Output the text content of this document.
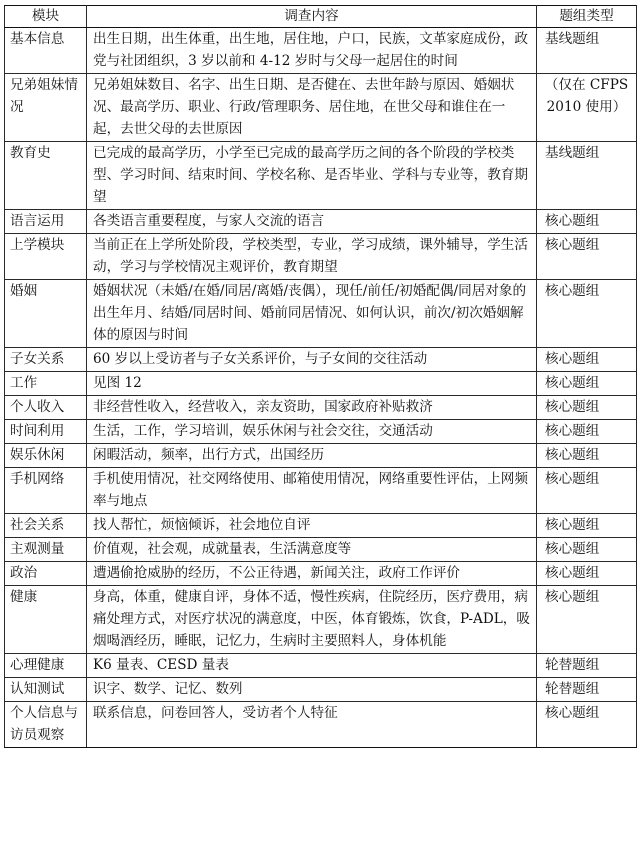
模块	调查内容	题组类型
基本信息	出生日期，出生体重，出生地，居住地，户口，民族，文革家庭成份，政党与社团组织，3 岁以前和 4-12 岁时与父母一起居住的时间	基线题组
兄弟姐妹情况	兄弟姐妹数目、名字、出生日期、是否健在、去世年龄与原因、婚姻状况、最高学历、职业、行政/管理职务、居住地，在世父母和谁住在一起，去世父母的去世原因	（仅在 CFPS 2010 使用）
教育史	已完成的最高学历，小学至已完成的最高学历之间的各个阶段的学校类型、学习时间、结束时间、学校名称、是否毕业、学科与专业等，教育期望	基线题组
语言运用	各类语言重要程度，与家人交流的语言	核心题组
上学模块	当前正在上学所处阶段，学校类型，专业，学习成绩，课外辅导，学生活动，学习与学校情况主观评价，教育期望	核心题组
婚姻	婚姻状况（未婚/在婚/同居/离婚/丧偶），现任/前任/初婚配偶/同居对象的出生年月、结婚/同居时间、婚前同居情况、如何认识，前次/初次婚姻解体的原因与时间	核心题组
子女关系	60 岁以上受访者与子女关系评价，与子女间的交往活动	核心题组
工作	见图 12	核心题组
个人收入	非经营性收入，经营收入，亲友资助，国家政府补贴救济	核心题组
时间利用	生活，工作，学习培训，娱乐休闲与社会交往，交通活动	核心题组
娱乐休闲	闲暇活动，频率，出行方式，出国经历	核心题组
手机网络	手机使用情况，社交网络使用、邮箱使用情况，网络重要性评估，上网频率与地点	核心题组
社会关系	找人帮忙，烦恼倾诉，社会地位自评	核心题组
主观测量	价值观，社会观，成就量表，生活满意度等	核心题组
政治	遭遇偷抢威胁的经历，不公正待遇，新闻关注，政府工作评价	核心题组
健康	身高，体重，健康自评，身体不适，慢性疾病，住院经历，医疗费用，病痛处理方式，对医疗状况的满意度，中医，体育锻炼，饮食，P-ADL，吸烟喝酒经历，睡眠，记忆力，生病时主要照料人，身体机能	核心题组
心理健康	K6 量表、CESD 量表	轮替题组
认知测试	识字、数学、记忆、数列	轮替题组
个人信息与访员观察	联系信息，问卷回答人，受访者个人特征	核心题组
